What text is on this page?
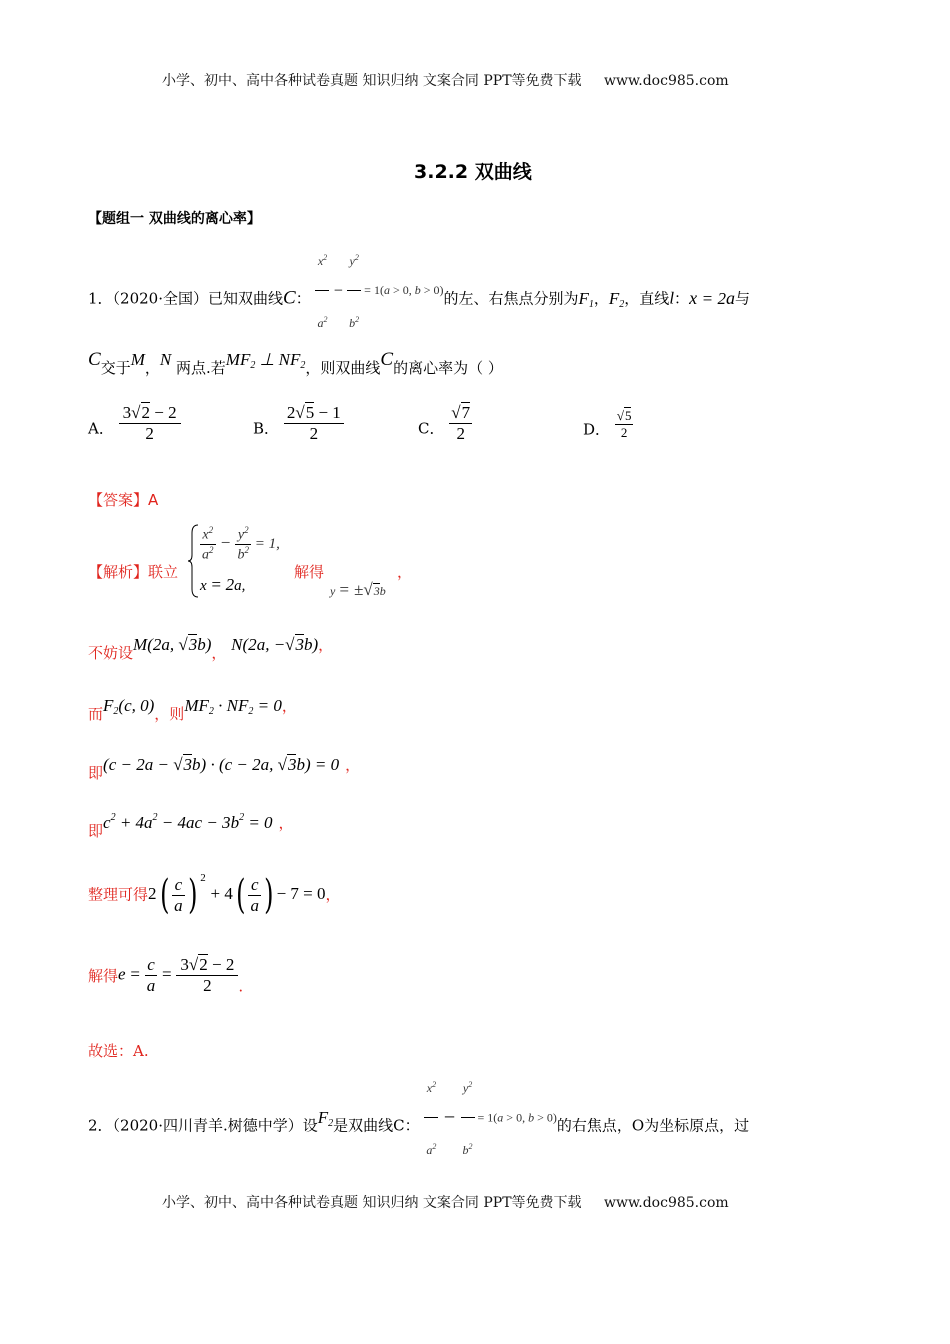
小学、初中、高中各种试卷真题 知识归纳 文案合同 PPT等免费下载 www.doc985.com
3.2.2 双曲线
【题组一 双曲线的离心率】
1．（2020·全国）已知双曲线C： $\frac{x^2}{a^2} - \frac{y^2}{b^2} = 1(a > 0$, b > 0)的左、右焦点分别为F1，F2，直线l：x = 2a与
C交于M，N 两点.若MF2 ⊥ NF2，则双曲线C的离心率为（ ）
A． $\frac{3√2 - 2}{2}$	B． $\frac{2√5 - 1}{2}$	C． $\frac{√7}{2}$	D． $\frac{√5}{2}$
【答案】A
【解析】联立
$\frac{x^2}{a^2} - \frac{y^2}{b^2} = 1$,
x = 2a,
解得
y = ±√3b
，
不妨设M(2a, √3b)， N(2a, −√3b)，
而F2(c, 0)，则MF2 · NF2 = 0，
即(c − 2a − √3b) · (c − 2a, √3b) = 0 ，
即$c^2 + 4a^2 - 4ac - 3b^2 = 0$ ，
整理可得$2( \frac{c}{a}$ ) $^2 + 4( \frac{c}{a}$ ) − 7 = 0，
解得$e = \frac{c}{a} = \frac{3√2 - 2}{2}$ .
故选：A.
2．（2020·四川青羊.树德中学）设F2是双曲线C： $\frac{x^2}{a^2} - \frac{y^2}{b^2} = 1(a > 0$, b > 0)的右焦点，O为坐标原点，过
小学、初中、高中各种试卷真题 知识归纳 文案合同 PPT等免费下载 www.doc985.com
